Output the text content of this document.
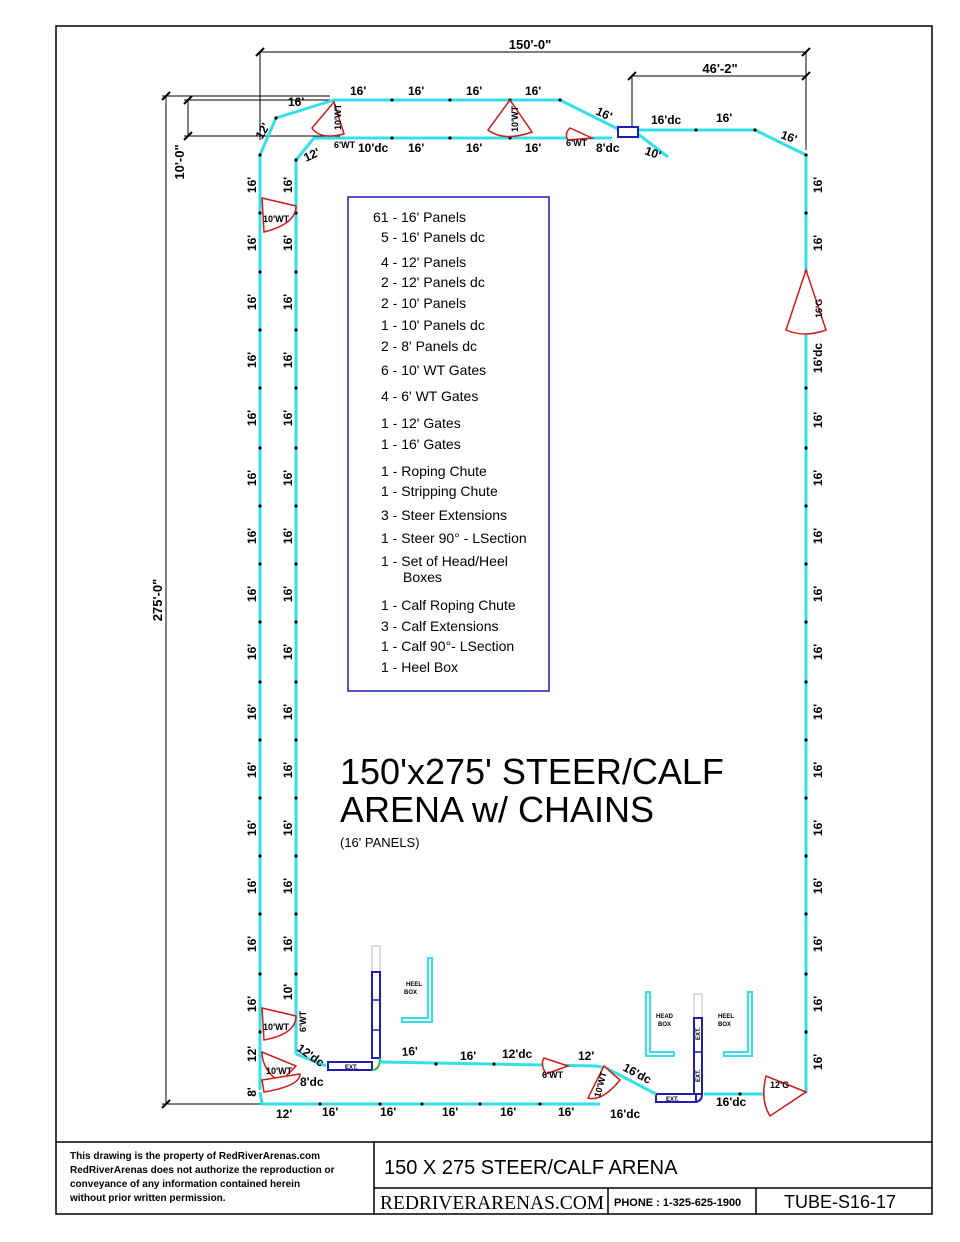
150'-0"
46'-2"
275'-0"
10'-0"
HEEL
BOX
HEAD
BOX
HEEL
BOX
EXT.
EXT.
EXT.
EXT.
10'WT
6'WT
10'WT
6'WT
10'WT
16'G
10'WT 6'WT
10'WT	6'WT	10'WT	12'G
16'
16'	16'	16'	16'
16'	16'dc	16'
16'
12'
12'	10'dc 16'	16'	16'	8'dc 10'
16'
16'
16'
16'
16'
16'
16'
16'
16'
16'
16'
16'
16'
16'
16'
12'
8'
16'
16'
16'
16'
16'
16'
16'
16'
16'
16'
16'
16'
16'
16'
10'
16'
16'
16'dc
16'
16'
16'
16'
16'
16'
16'
16'
16'
16'
16'
16'
12' 16'	16'	16'	16'	16'	16'dc
16'dc
12'dc
8'dc
16'	16' 12'dc	12'
16'dc
61 - 16' Panels
5 - 16' Panels dc
4 - 12' Panels
2 - 12' Panels dc
2 - 10' Panels
1 - 10' Panels dc
2 - 8' Panels dc
6 - 10' WT Gates
4 - 6' WT Gates
1 - 12' Gates
1 - 16' Gates
1 - Roping Chute
1 - Stripping Chute
3 - Steer Extensions
1 - Steer 90° - LSection
1 - Set of Head/Heel
Boxes
1 - Calf Roping Chute
3 - Calf Extensions
1 - Calf 90°- LSection
1 - Heel Box
150'x275' STEER/CALF
ARENA w/ CHAINS
(16' PANELS)
This drawing is the property of RedRiverArenas.com
RedRiverArenas does not authorize the reproduction or
conveyance of any information contained herein
without prior written permission.
150 X 275 STEER/CALF ARENA
REDRIVERARENAS.COM PHONE : 1-325-625-1900 TUBE-S16-17
